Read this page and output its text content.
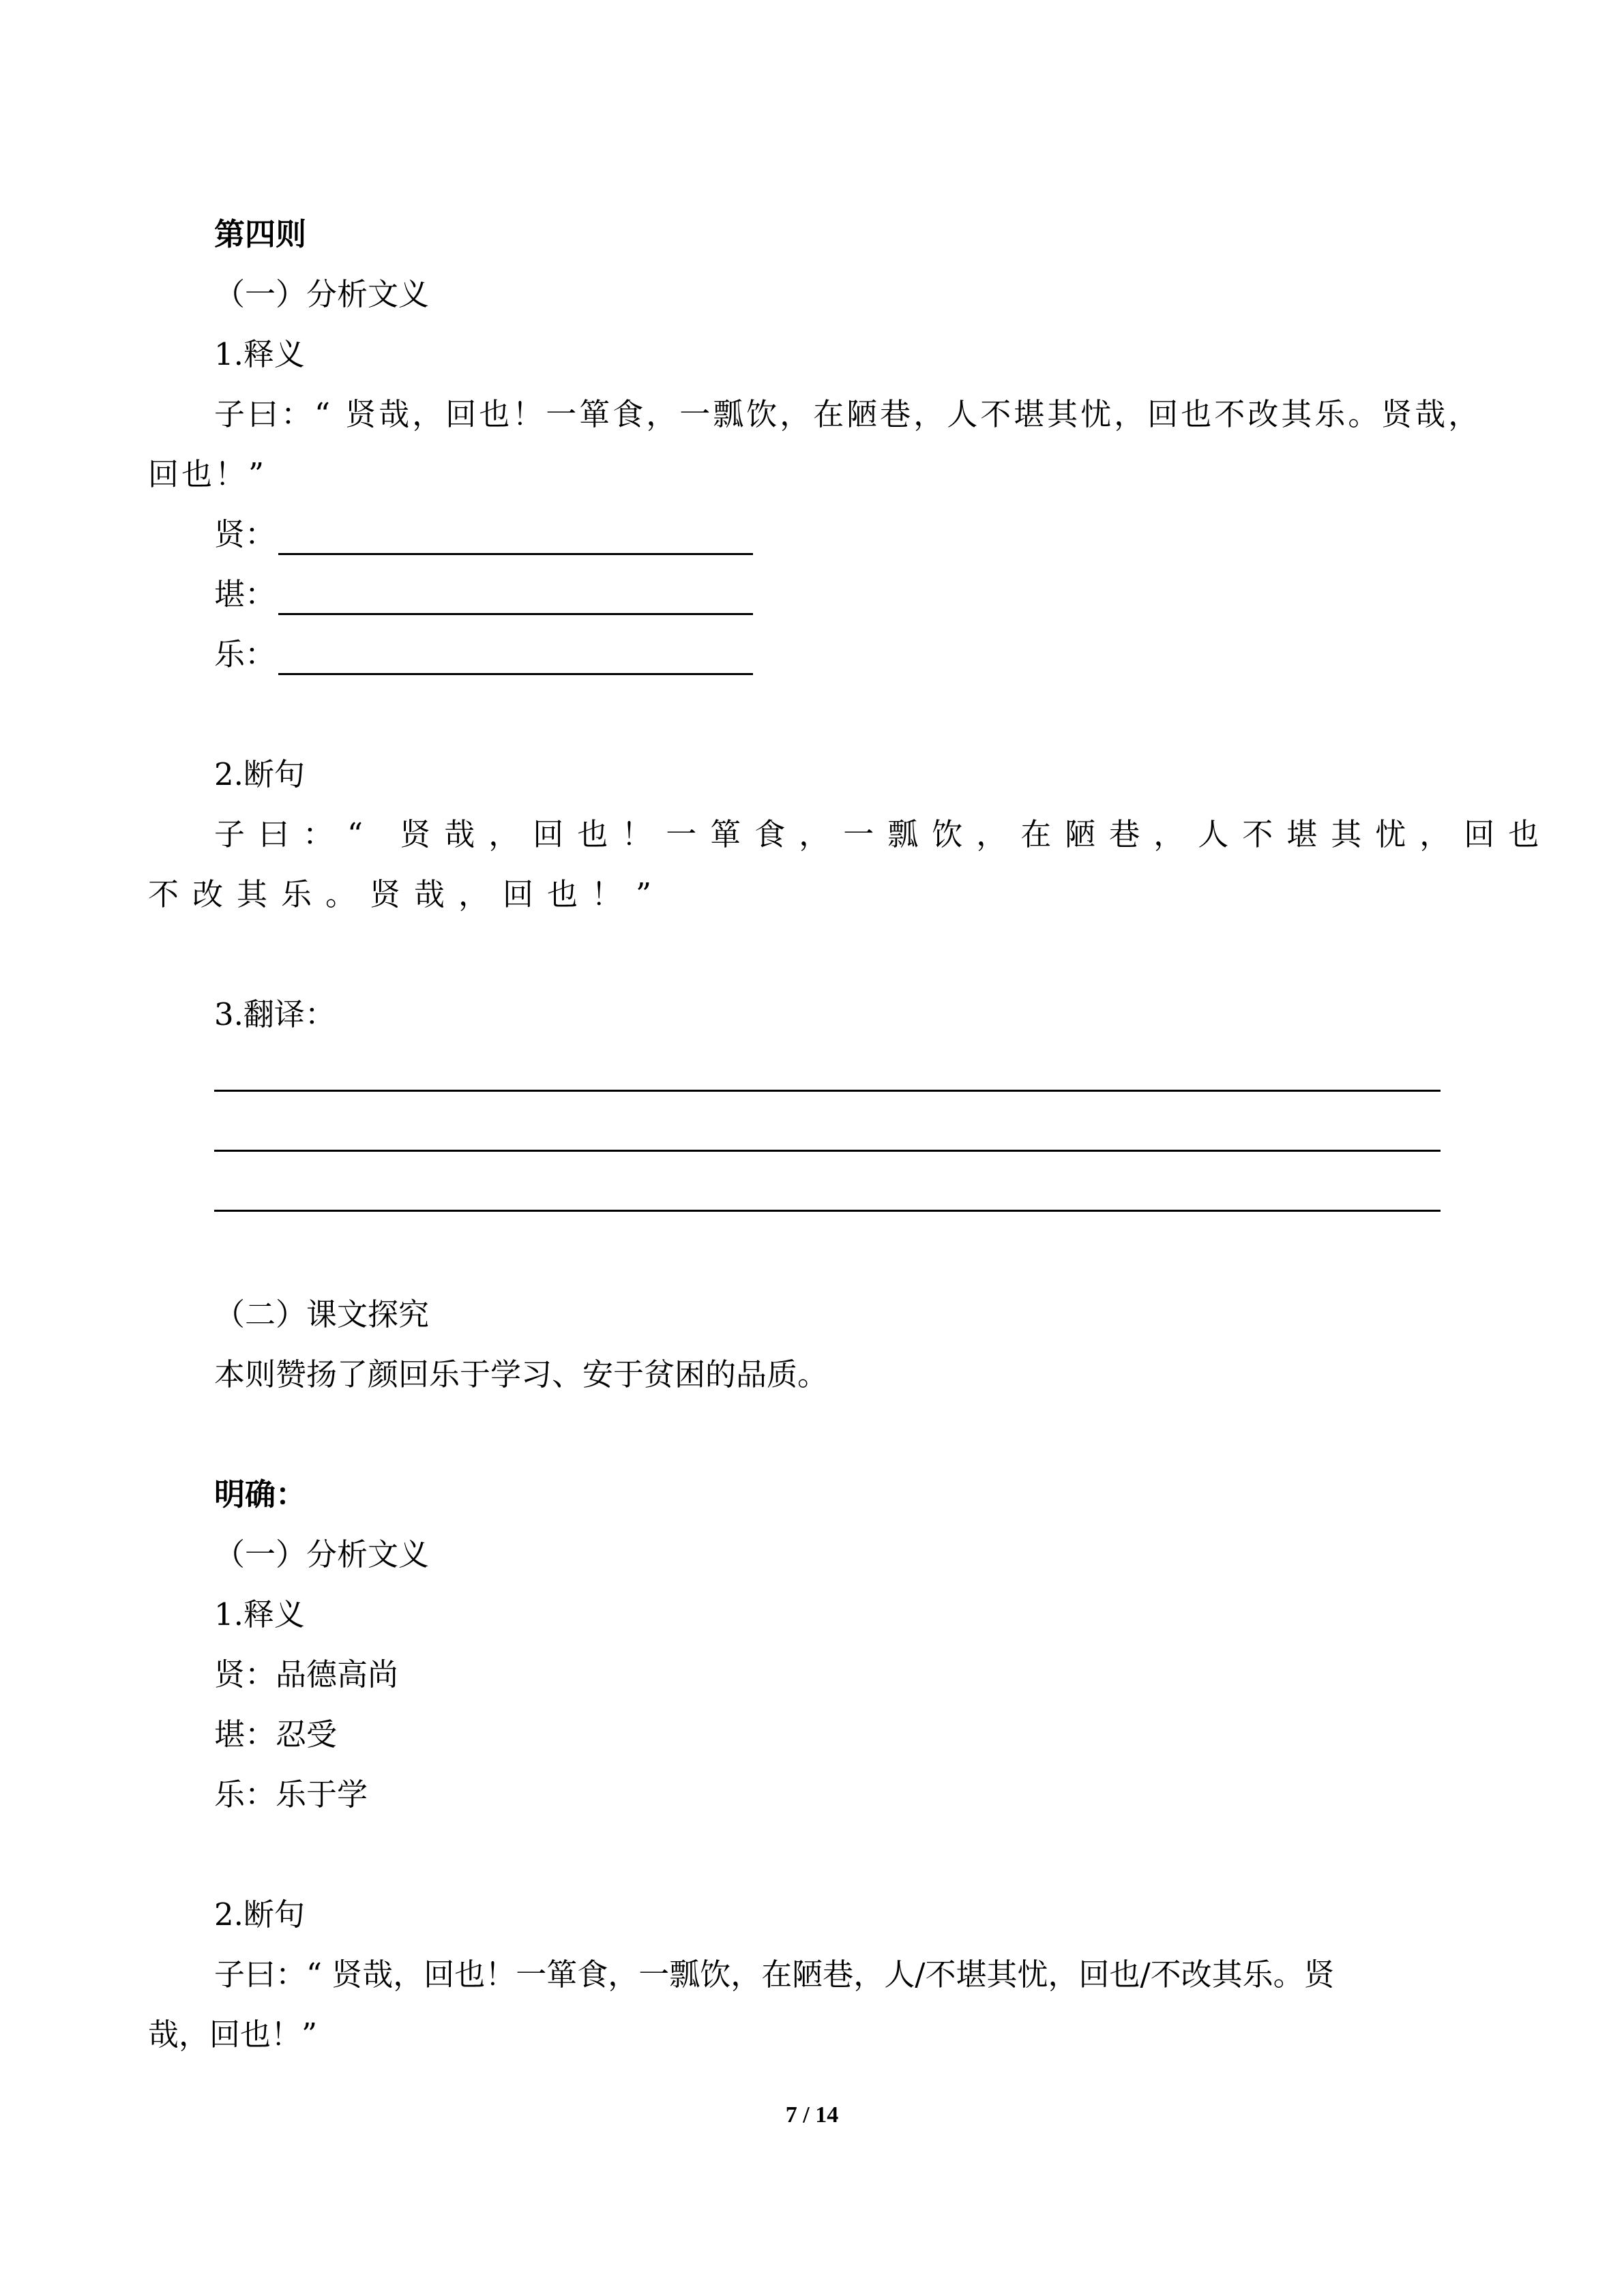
第四则
（一）分析文义
1.释义
子曰：“ 贤哉，回也！一箪食，一瓢饮，在陋巷，人不堪其忧，回也不改其乐。贤哉，
回也！”
贤：
堪：
乐：
2.断句
子曰：“ 贤哉，回也！一箪食，一瓢饮，在陋巷，人不堪其忧，回也
不改其乐。贤哉，回也！”
3.翻译：
（二）课文探究
本则赞扬了颜回乐于学习、安于贫困的品质。
明确：
（一）分析文义
1.释义
贤：品德高尚
堪：忍受
乐：乐于学
2.断句
子曰：“ 贤哉，回也！一箪食，一瓢饮，在陋巷，人/不堪其忧，回也/不改其乐。贤
哉，回也！”
7 / 14
